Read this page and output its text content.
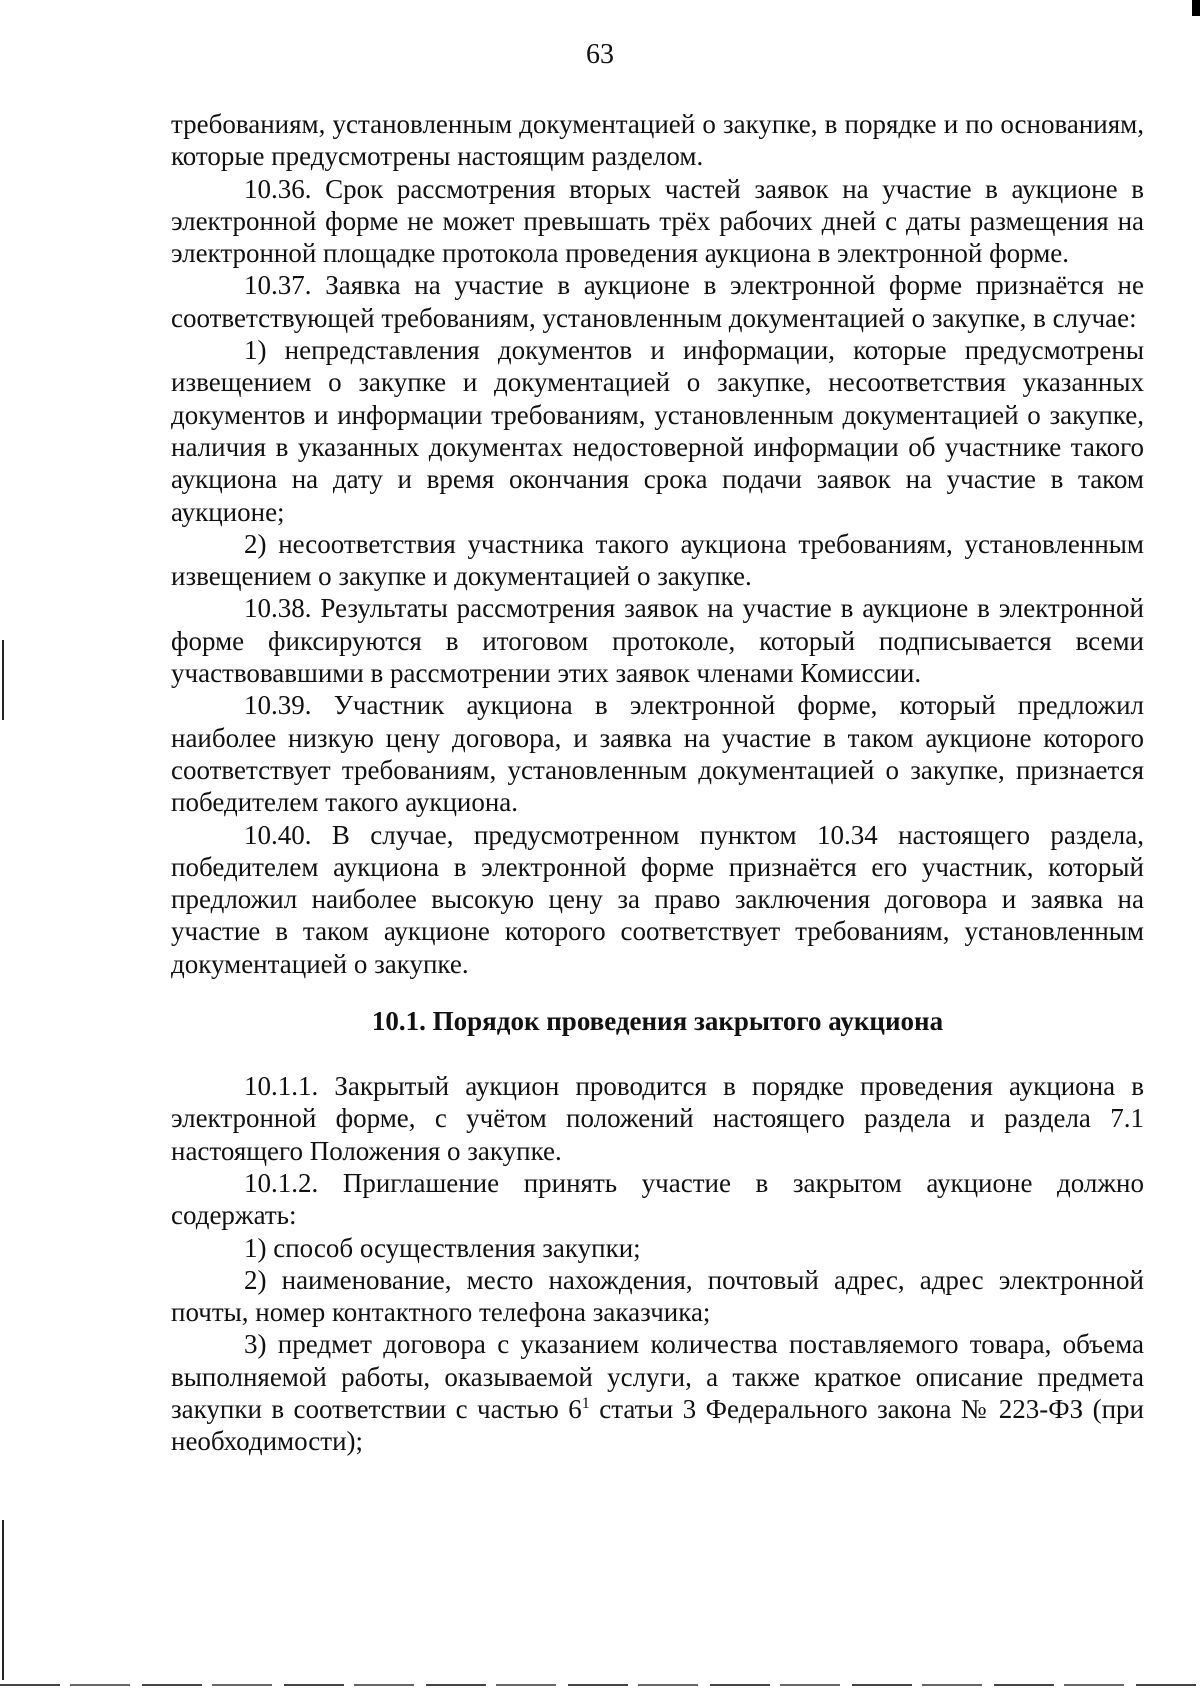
63

требованиям, установленным документацией о закупке, в порядке и по основаниям, которые предусмотрены настоящим разделом.

10.36. Срок рассмотрения вторых частей заявок на участие в аукционе в электронной форме не может превышать трёх рабочих дней с даты размещения на электронной площадке протокола проведения аукциона в электронной форме.

10.37. Заявка на участие в аукционе в электронной форме признаётся не соответствующей требованиям, установленным документацией о закупке, в случае:

1) непредставления документов и информации, которые предусмотрены извещением о закупке и документацией о закупке, несоответствия указанных документов и информации требованиям, установленным документацией о закупке, наличия в указанных документах недостоверной информации об участнике такого аукциона на дату и время окончания срока подачи заявок на участие в таком аукционе;

2) несоответствия участника такого аукциона требованиям, установленным извещением о закупке и документацией о закупке.

10.38. Результаты рассмотрения заявок на участие в аукционе в электронной форме фиксируются в итоговом протоколе, который подписывается всеми участвовавшими в рассмотрении этих заявок членами Комиссии.

10.39. Участник аукциона в электронной форме, который предложил наиболее низкую цену договора, и заявка на участие в таком аукционе которого соответствует требованиям, установленным документацией о закупке, признается победителем такого аукциона.

10.40. В случае, предусмотренном пунктом 10.34 настоящего раздела, победителем аукциона в электронной форме признаётся его участник, который предложил наиболее высокую цену за право заключения договора и заявка на участие в таком аукционе которого соответствует требованиям, установленным документацией о закупке.

10.1. Порядок проведения закрытого аукциона

10.1.1. Закрытый аукцион проводится в порядке проведения аукциона в электронной форме, с учётом положений настоящего раздела и раздела 7.1 настоящего Положения о закупке.

10.1.2. Приглашение принять участие в закрытом аукционе должно содержать:

1) способ осуществления закупки;

2) наименование, место нахождения, почтовый адрес, адрес электронной почты, номер контактного телефона заказчика;

3) предмет договора с указанием количества поставляемого товара, объема выполняемой работы, оказываемой услуги, а также краткое описание предмета закупки в соответствии с частью $6^1$ статьи 3 Федерального закона № 223-ФЗ (при необходимости);
